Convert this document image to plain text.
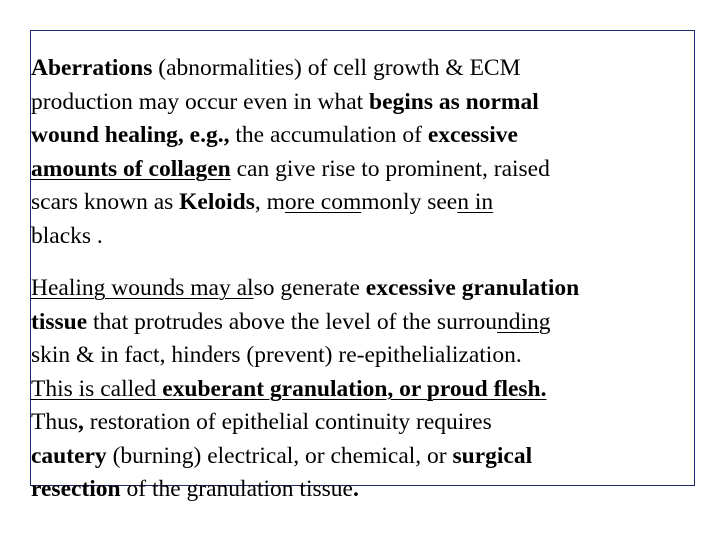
Aberrations (abnormalities) of cell growth & ECM
production may occur even in what begins as normal
wound healing, e.g., the accumulation of excessive
amounts of collagen can give rise to prominent, raised
scars known as Keloids, more commonly seen in
blacks .

Healing wounds may also generate excessive granulation
tissue that protrudes above the level of the surrounding
skin & in fact, hinders (prevent) re-epithelialization.
This is called exuberant granulation, or proud flesh.
Thus, restoration of epithelial continuity requires
cautery (burning) electrical, or chemical, or surgical
resection of the granulation tissue.
